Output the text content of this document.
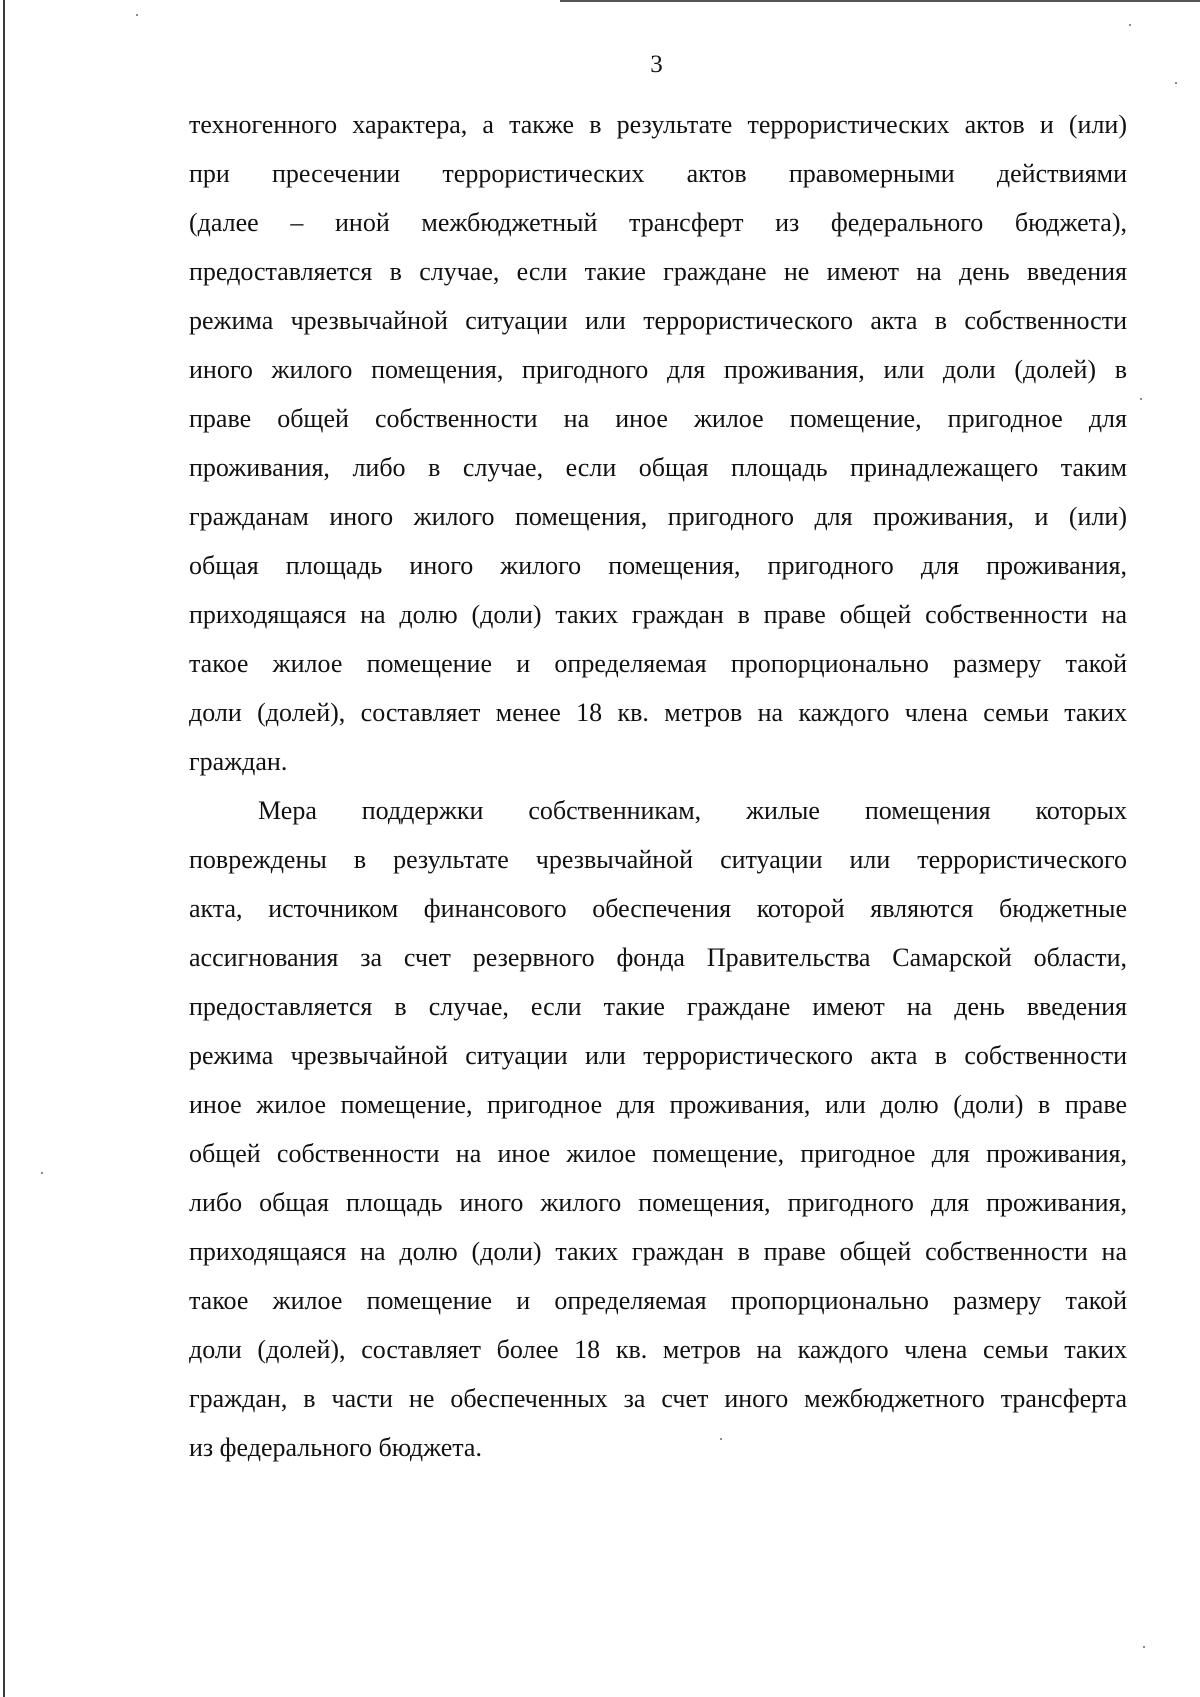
3

техногенного характера, а также в результате террористических актов и (или)
при пресечении террористических актов правомерными действиями
(далее – иной межбюджетный трансферт из федерального бюджета),
предоставляется в случае, если такие граждане не имеют на день введения
режима чрезвычайной ситуации или террористического акта в собственности
иного жилого помещения, пригодного для проживания, или доли (долей) в
праве общей собственности на иное жилое помещение, пригодное для
проживания, либо в случае, если общая площадь принадлежащего таким
гражданам иного жилого помещения, пригодного для проживания, и (или)
общая площадь иного жилого помещения, пригодного для проживания,
приходящаяся на долю (доли) таких граждан в праве общей собственности на
такое жилое помещение и определяемая пропорционально размеру такой
доли (долей), составляет менее 18 кв. метров на каждого члена семьи таких
граждан.

Мера поддержки собственникам, жилые помещения которых
повреждены в результате чрезвычайной ситуации или террористического
акта, источником финансового обеспечения которой являются бюджетные
ассигнования за счет резервного фонда Правительства Самарской области,
предоставляется в случае, если такие граждане имеют на день введения
режима чрезвычайной ситуации или террористического акта в собственности
иное жилое помещение, пригодное для проживания, или долю (доли) в праве
общей собственности на иное жилое помещение, пригодное для проживания,
либо общая площадь иного жилого помещения, пригодного для проживания,
приходящаяся на долю (доли) таких граждан в праве общей собственности на
такое жилое помещение и определяемая пропорционально размеру такой
доли (долей), составляет более 18 кв. метров на каждого члена семьи таких
граждан, в части не обеспеченных за счет иного межбюджетного трансферта
из федерального бюджета.
